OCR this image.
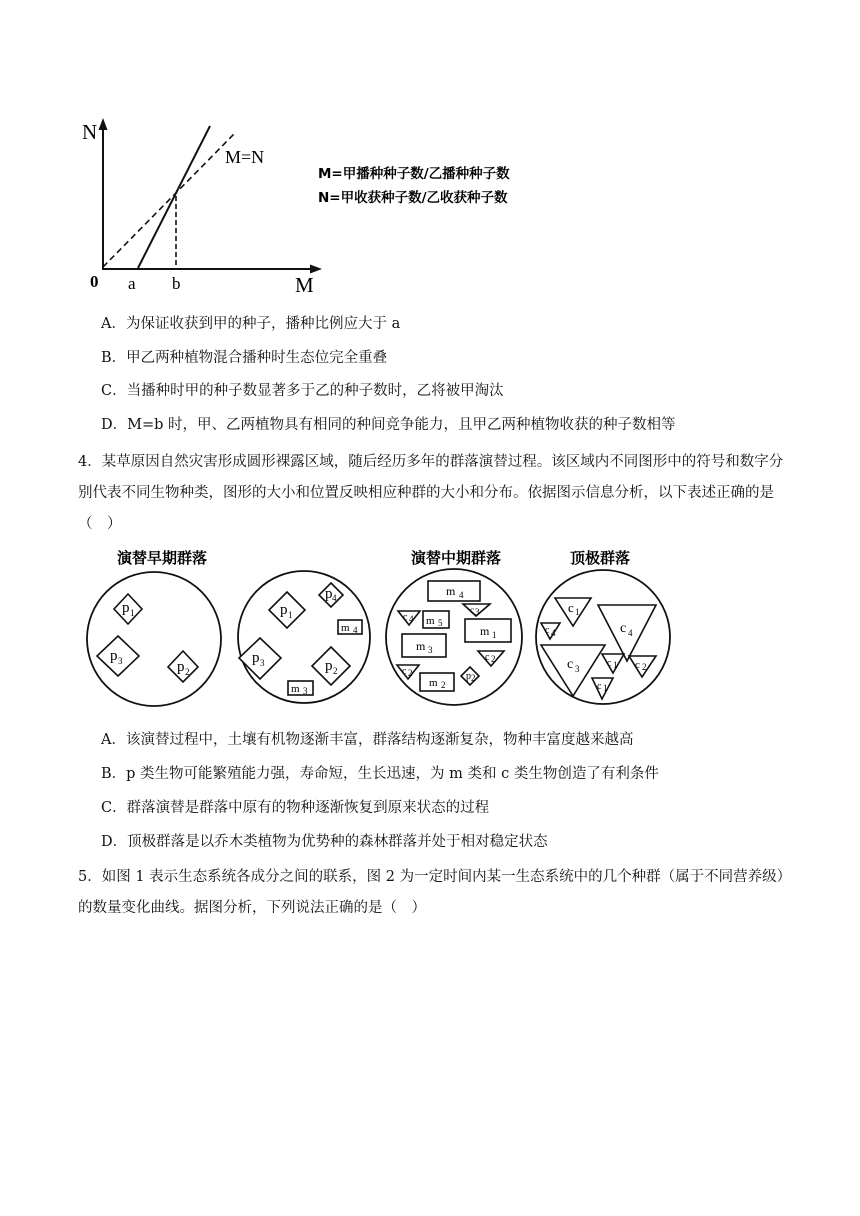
N
M
0 a b
M=N
M=甲播种种子数/乙播种种子数
N=甲收获种子数/乙收获种子数
A．为保证收获到甲的种子，播种比例应大于 a
B．甲乙两种植物混合播种时生态位完全重叠
C．当播种时甲的种子数显著多于乙的种子数时，乙将被甲淘汰
D．M=b 时，甲、乙两植物具有相同的种间竞争能力，且甲乙两种植物收获的种子数相等
4．某草原因自然灾害形成圆形裸露区域，随后经历多年的群落演替过程。该区域内不同图形中的符号和数字分别代表不同生物种类，图形的大小和位置反映相应种群的大小和分布。依据图示信息分析，以下表述正确的是（　）
演替早期群落	演替中期群落	顶极群落
p 1
p 3	p 2
p 1
p 4
m 4
p 3	p 2
m 3
m 4
c 3
c 4 m 5
m 1
m 3
c 2
c 2
m 2
p 2
c 1
c 4
c 4
c 3	c 1 c 2
c 1
A．该演替过程中，土壤有机物逐渐丰富，群落结构逐渐复杂，物种丰富度越来越高
B．p 类生物可能繁殖能力强，寿命短，生长迅速，为 m 类和 c 类生物创造了有利条件
C．群落演替是群落中原有的物种逐渐恢复到原来状态的过程
D．顶极群落是以乔木类植物为优势种的森林群落并处于相对稳定状态
5．如图 1 表示生态系统各成分之间的联系，图 2 为一定时间内某一生态系统中的几个种群（属于不同营养级）的数量变化曲线。据图分析，下列说法正确的是（　）
